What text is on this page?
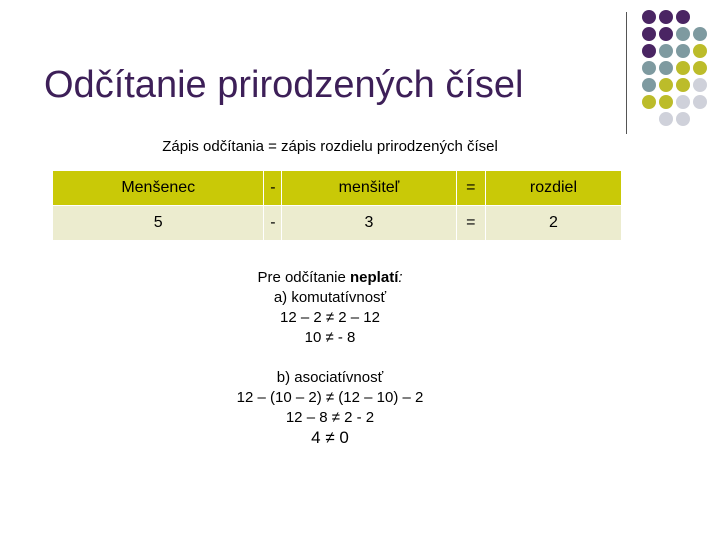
Odčítanie prirodzených čísel
Zápis odčítania = zápis rozdielu prirodzených čísel
Menšenec	-	menšiteľ	=	rozdiel
5	-	3	=	2
Pre odčítanie neplatí:
a) komutatívnosť
12 – 2 ≠ 2 – 12
10 ≠ - 8
b) asociatívnosť
12 – (10 – 2) ≠ (12 – 10) – 2
12 – 8 ≠ 2 - 2
4 ≠ 0
